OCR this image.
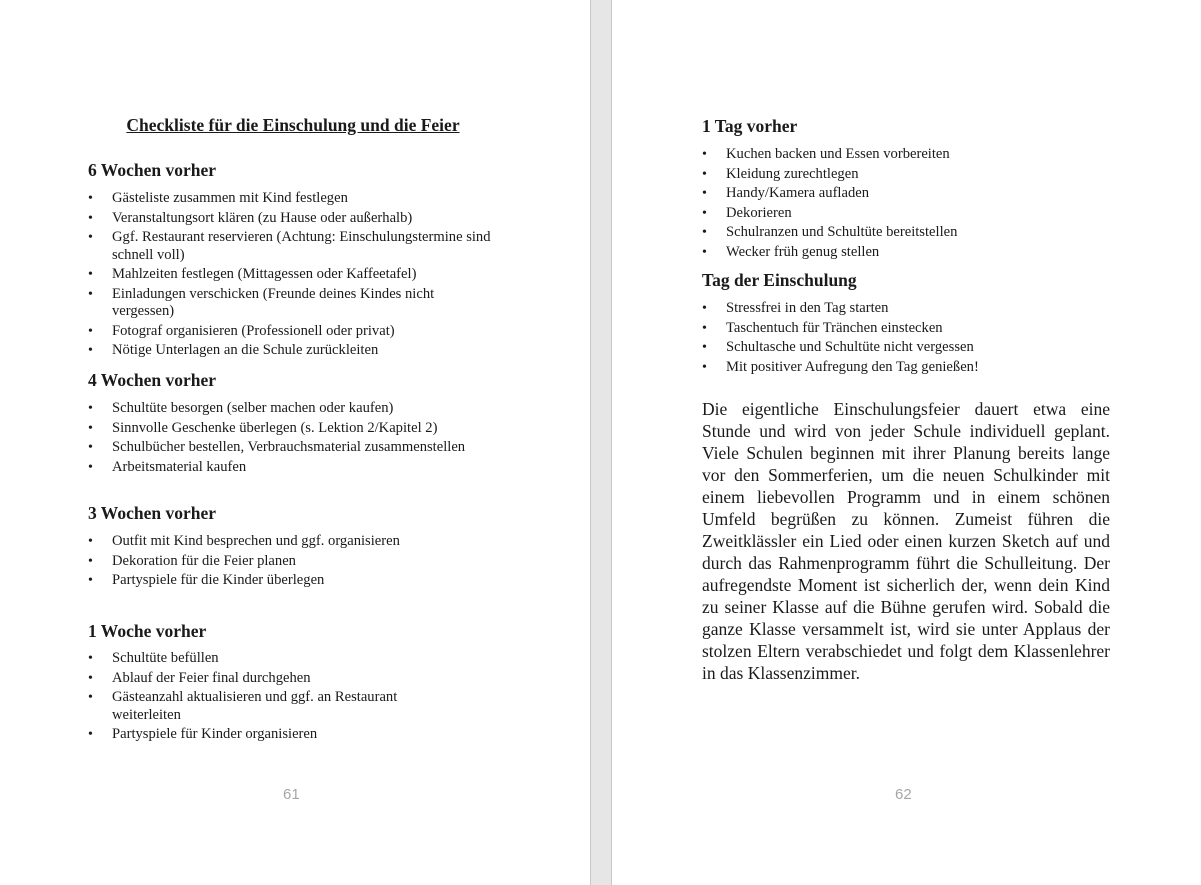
Checkliste für die Einschulung und die Feier
6 Wochen vorher
• Gästeliste zusammen mit Kind festlegen
• Veranstaltungsort klären (zu Hause oder außerhalb)
• Ggf. Restaurant reservieren (Achtung: Einschulungstermine sind schnell voll)
• Mahlzeiten festlegen (Mittagessen oder Kaffeetafel)
• Einladungen verschicken (Freunde deines Kindes nicht vergessen)
• Fotograf organisieren (Professionell oder privat)
• Nötige Unterlagen an die Schule zurückleiten
4 Wochen vorher
• Schultüte besorgen (selber machen oder kaufen)
• Sinnvolle Geschenke überlegen (s. Lektion 2/Kapitel 2)
• Schulbücher bestellen, Verbrauchsmaterial zusammenstellen
• Arbeitsmaterial kaufen
3 Wochen vorher
• Outfit mit Kind besprechen und ggf. organisieren
• Dekoration für die Feier planen
• Partyspiele für die Kinder überlegen
1 Woche vorher
• Schultüte befüllen
• Ablauf der Feier final durchgehen
• Gästeanzahl aktualisieren und ggf. an Restaurant weiterleiten
• Partyspiele für Kinder organisieren
61
1 Tag vorher
• Kuchen backen und Essen vorbereiten
• Kleidung zurechtlegen
• Handy/Kamera aufladen
• Dekorieren
• Schulranzen und Schultüte bereitstellen
• Wecker früh genug stellen
Tag der Einschulung
• Stressfrei in den Tag starten
• Taschentuch für Tränchen einstecken
• Schultasche und Schultüte nicht vergessen
• Mit positiver Aufregung den Tag genießen!

Die eigentliche Einschulungsfeier dauert etwa eine Stunde und wird von jeder Schule individuell geplant. Viele Schulen beginnen mit ihrer Planung bereits lange vor den Sommerferien, um die neuen Schulkinder mit einem liebevollen Programm und in einem schönen Umfeld begrüßen zu können. Zumeist führen die Zweitklässler ein Lied oder einen kurzen Sketch auf und durch das Rahmenprogramm führt die Schulleitung. Der aufregendste Moment ist sicherlich der, wenn dein Kind zu seiner Klasse auf die Bühne gerufen wird. Sobald die ganze Klasse versammelt ist, wird sie unter Applaus der stolzen Eltern verabschiedet und folgt dem Klassenlehrer in das Klassenzimmer.

62
